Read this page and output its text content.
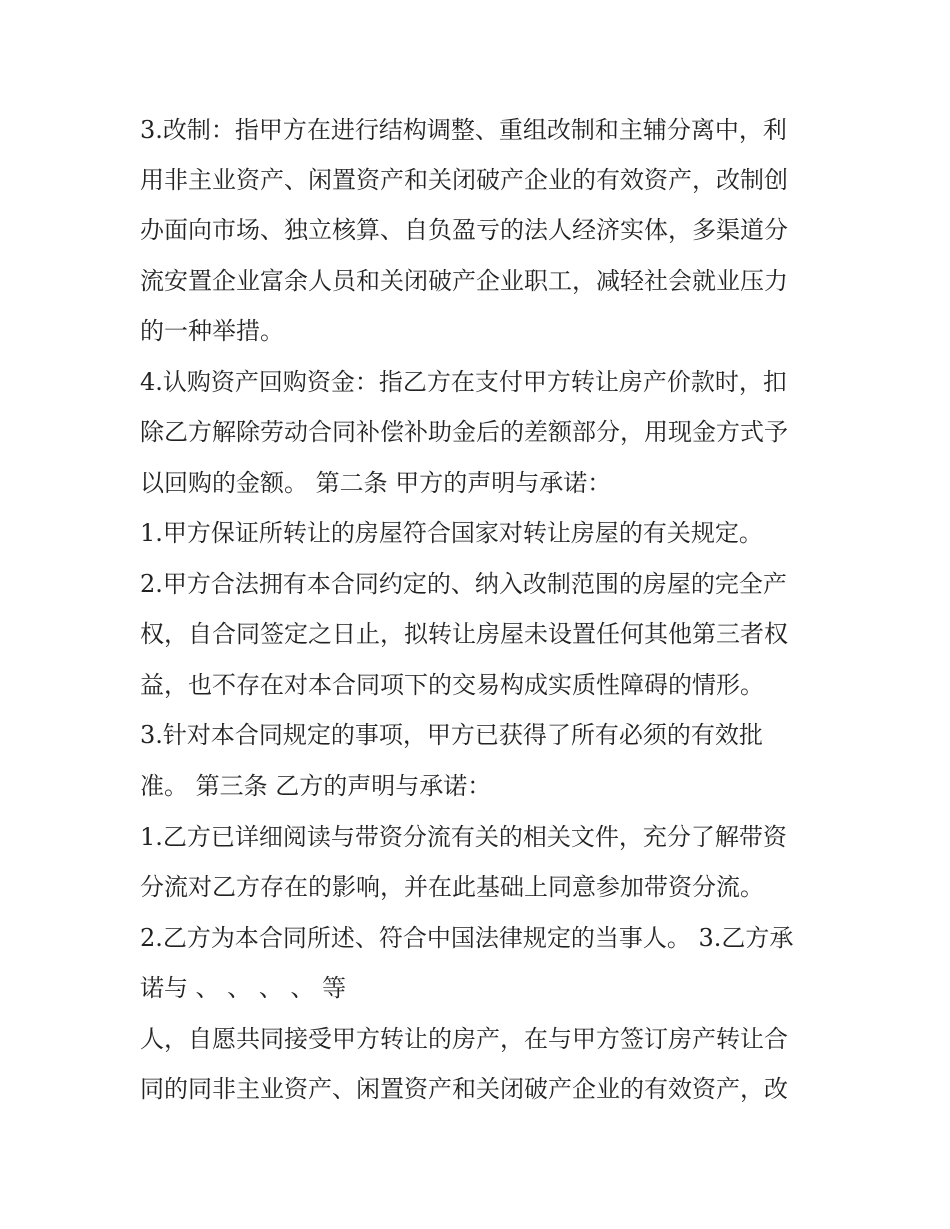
3.改制：指甲方在进行结构调整、重组改制和主辅分离中，利
用非主业资产、闲置资产和关闭破产企业的有效资产，改制创
办面向市场、独立核算、自负盈亏的法人经济实体，多渠道分
流安置企业富余人员和关闭破产企业职工，减轻社会就业压力
的一种举措。
4.认购资产回购资金：指乙方在支付甲方转让房产价款时，扣
除乙方解除劳动合同补偿补助金后的差额部分，用现金方式予
以回购的金额。 第二条 甲方的声明与承诺：
1.甲方保证所转让的房屋符合国家对转让房屋的有关规定。
2.甲方合法拥有本合同约定的、纳入改制范围的房屋的完全产
权，自合同签定之日止，拟转让房屋未设置任何其他第三者权
益，也不存在对本合同项下的交易构成实质性障碍的情形。
3.针对本合同规定的事项，甲方已获得了所有必须的有效批
准。 第三条 乙方的声明与承诺：
1.乙方已详细阅读与带资分流有关的相关文件，充分了解带资
分流对乙方存在的影响，并在此基础上同意参加带资分流。
2.乙方为本合同所述、符合中国法律规定的当事人。 3.乙方承
诺与 、 、 、 、 等
人，自愿共同接受甲方转让的房产，在与甲方签订房产转让合
同的同非主业资产、闲置资产和关闭破产企业的有效资产，改
